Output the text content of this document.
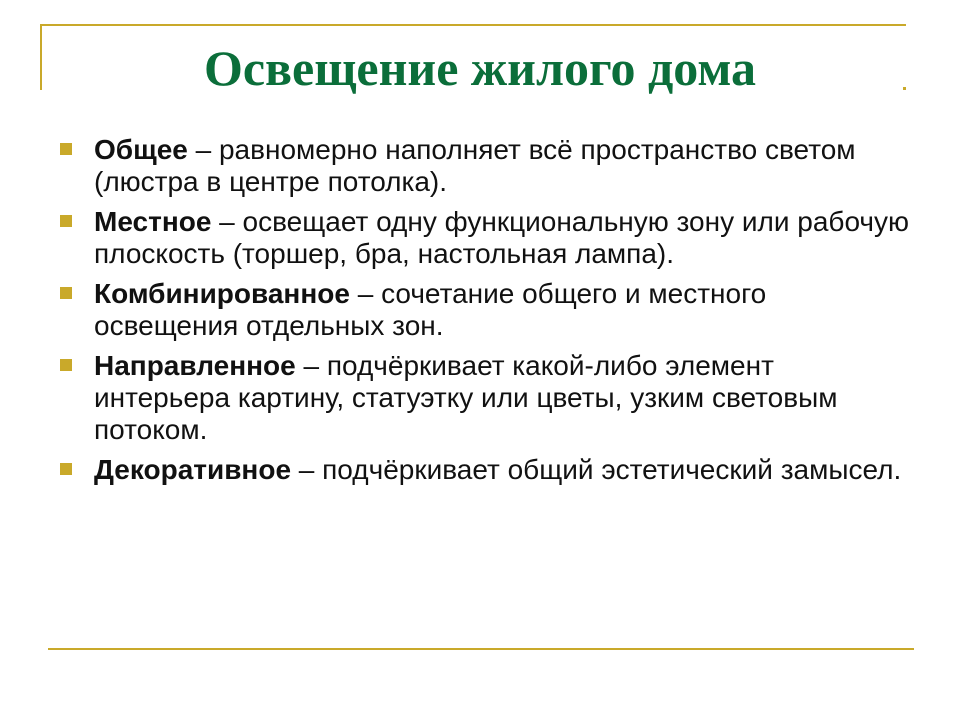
Освещение жилого дома
Общее – равномерно наполняет всё пространство светом (люстра в центре потолка).
Местное – освещает одну функциональную зону или рабочую плоскость (торшер, бра, настольная лампа).
Комбинированное – сочетание общего и местного освещения отдельных зон.
Направленное – подчёркивает какой-либо элемент интерьера картину, статуэтку или цветы, узким световым потоком.
Декоративное – подчёркивает общий эстетический замысел.
